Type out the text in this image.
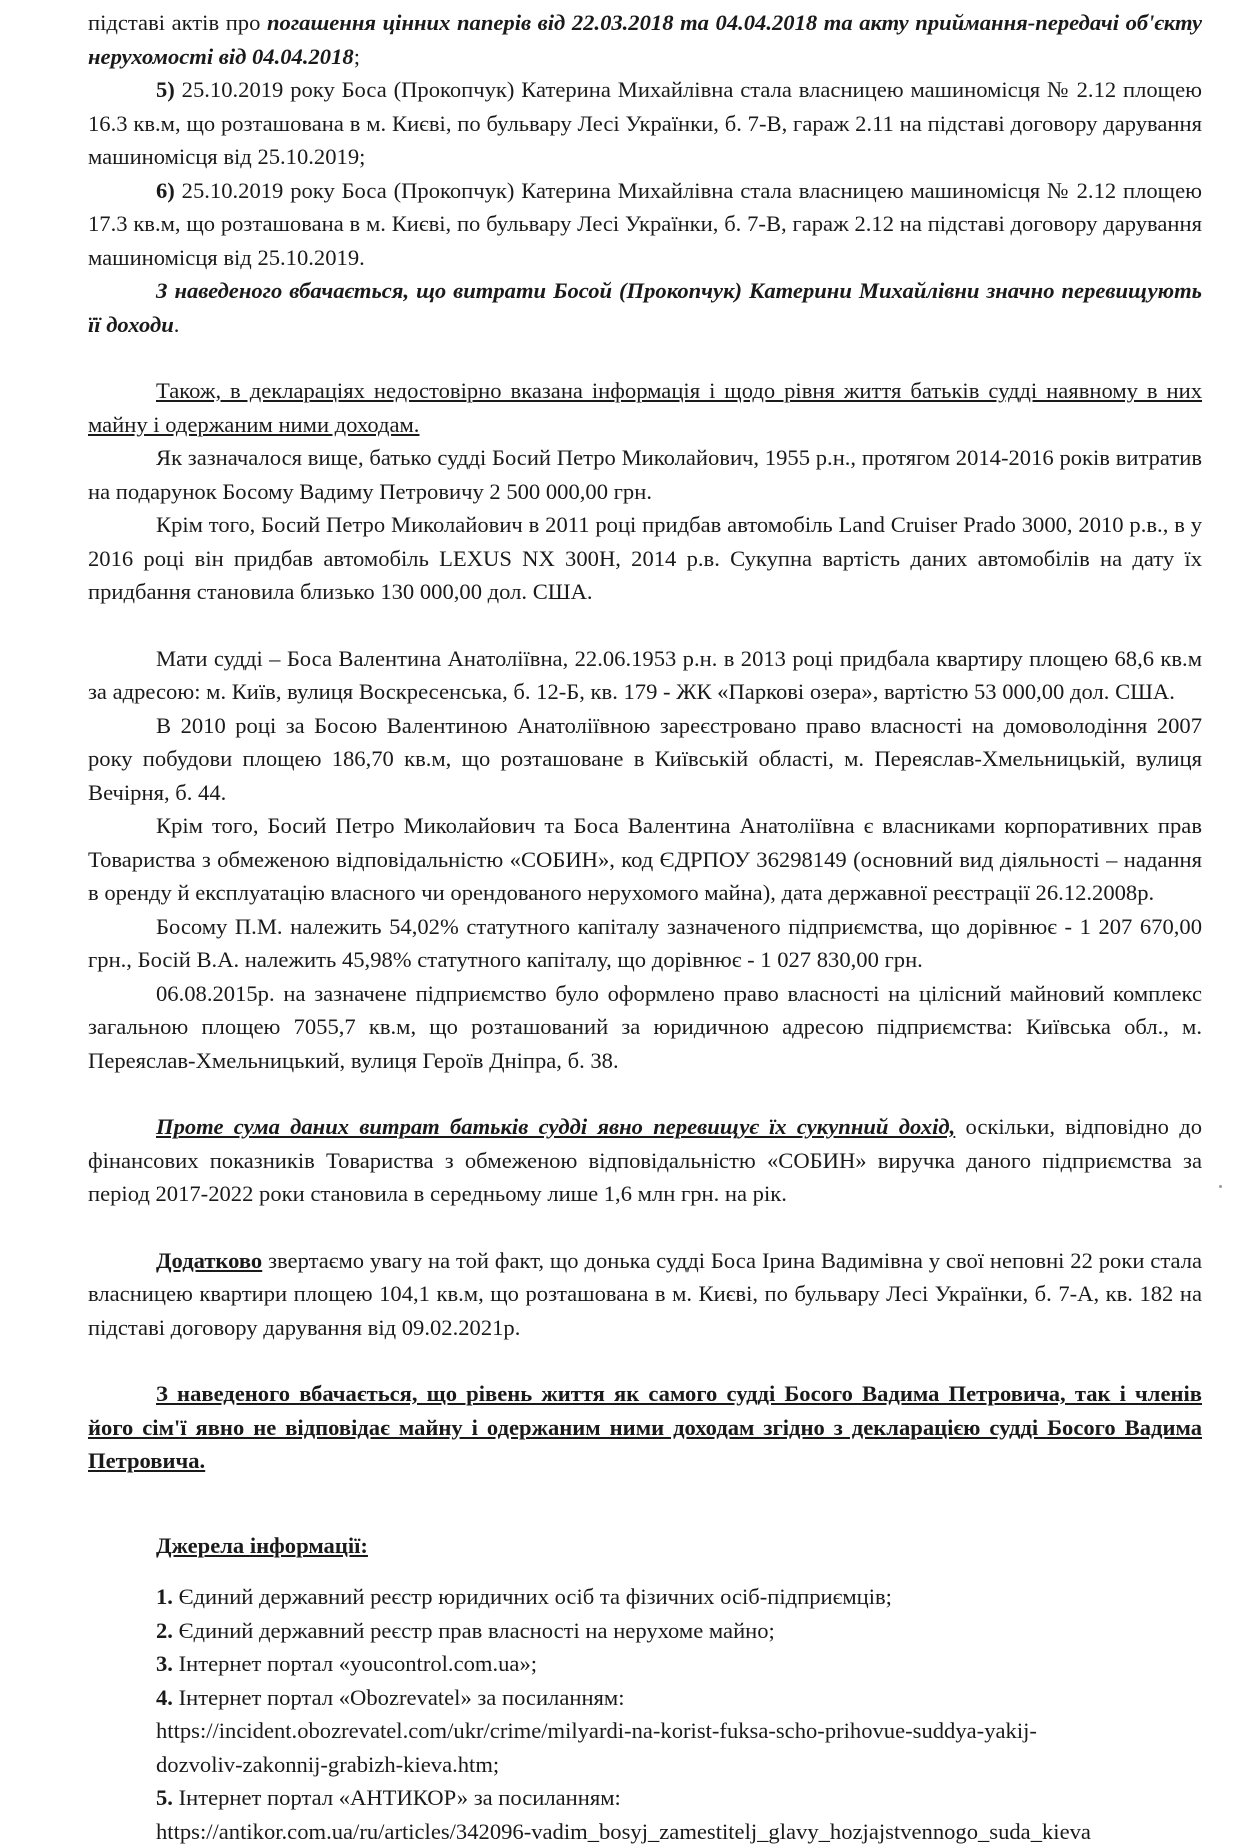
підставі актів про погашення цінних паперів від 22.03.2018 та 04.04.2018 та акту приймання-передачі об'єкту нерухомості від 04.04.2018;

5) 25.10.2019 року Боса (Прокопчук) Катерина Михайлівна стала власницею машиномісця № 2.12 площею 16.3 кв.м, що розташована в м. Києві, по бульвару Лесі Українки, б. 7-В, гараж 2.11 на підставі договору дарування машиномісця від 25.10.2019;

6) 25.10.2019 року Боса (Прокопчук) Катерина Михайлівна стала власницею машиномісця № 2.12 площею 17.3 кв.м, що розташована в м. Києві, по бульвару Лесі Українки, б. 7-В, гараж 2.12 на підставі договору дарування машиномісця від 25.10.2019.

З наведеного вбачається, що витрати Босой (Прокопчук) Катерини Михайлівни значно перевищують її доходи.

Також, в деклараціях недостовірно вказана інформація і щодо рівня життя батьків судді наявному в них майну і одержаним ними доходам.

Як зазначалося вище, батько судді Босий Петро Миколайович, 1955 р.н., протягом 2014-2016 років витратив на подарунок Босому Вадиму Петровичу 2 500 000,00 грн.

Крім того, Босий Петро Миколайович в 2011 році придбав автомобіль Land Cruiser Prado 3000, 2010 р.в., в у 2016 році він придбав автомобіль LEXUS NX 300H, 2014 р.в. Сукупна вартість даних автомобілів на дату їх придбання становила близько 130 000,00 дол. США.

Мати судді – Боса Валентина Анатоліївна, 22.06.1953 р.н. в 2013 році придбала квартиру площею 68,6 кв.м за адресою: м. Київ, вулиця Воскресенська, б. 12-Б, кв. 179 - ЖК «Паркові озера», вартістю 53 000,00 дол. США.

В 2010 році за Босою Валентиною Анатоліївною зареєстровано право власності на домоволодіння 2007 року побудови площею 186,70 кв.м, що розташоване в Київській області, м. Переяслав-Хмельницькій, вулиця Вечірня, б. 44.

Крім того, Босий Петро Миколайович та Боса Валентина Анатоліївна є власниками корпоративних прав Товариства з обмеженою відповідальністю «СОБИН», код ЄДРПОУ 36298149 (основний вид діяльності – надання в оренду й експлуатацію власного чи орендованого нерухомого майна), дата державної реєстрації 26.12.2008р.

Босому П.М. належить 54,02% статутного капіталу зазначеного підприємства, що дорівнює - 1 207 670,00 грн., Босій В.А. належить 45,98% статутного капіталу, що дорівнює - 1 027 830,00 грн.

06.08.2015р. на зазначене підприємство було оформлено право власності на цілісний майновий комплекс загальною площею 7055,7 кв.м, що розташований за юридичною адресою підприємства: Київська обл., м. Переяслав-Хмельницький, вулиця Героїв Дніпра, б. 38.

Проте сума даних витрат батьків судді явно перевищує їх сукупний дохід, оскільки, відповідно до фінансових показників Товариства з обмеженою відповідальністю «СОБИН» виручка даного підприємства за період 2017-2022 роки становила в середньому лише 1,6 млн грн. на рік.

Додатково звертаємо увагу на той факт, що донька судді Боса Ірина Вадимівна у свої неповні 22 роки стала власницею квартири площею 104,1 кв.м, що розташована в м. Києві, по бульвару Лесі Українки, б. 7-А, кв. 182 на підставі договору дарування від 09.02.2021р.

З наведеного вбачається, що рівень життя як самого судді Босого Вадима Петровича, так і членів його сім'ї явно не відповідає майну і одержаним ними доходам згідно з декларацією судді Босого Вадима Петровича.

Джерела інформації:

1. Єдиний державний реєстр юридичних осіб та фізичних осіб-підприємців;

2. Єдиний державний реєстр прав власності на нерухоме майно;

3. Інтернет портал «youcontrol.com.ua»;

4. Інтернет портал «Obozrevatel» за посиланням:

https://incident.obozrevatel.com/ukr/crime/milyardi-na-korist-fuksa-scho-prihovue-suddya-yakij-dozvoliv-zakonnij-grabizh-kieva.htm;

5. Інтернет портал «АНТИКОР» за посиланням:

https://antikor.com.ua/ru/articles/342096-vadim_bosyj_zamestitelj_glavy_hozjajstvennogo_suda_kieva
